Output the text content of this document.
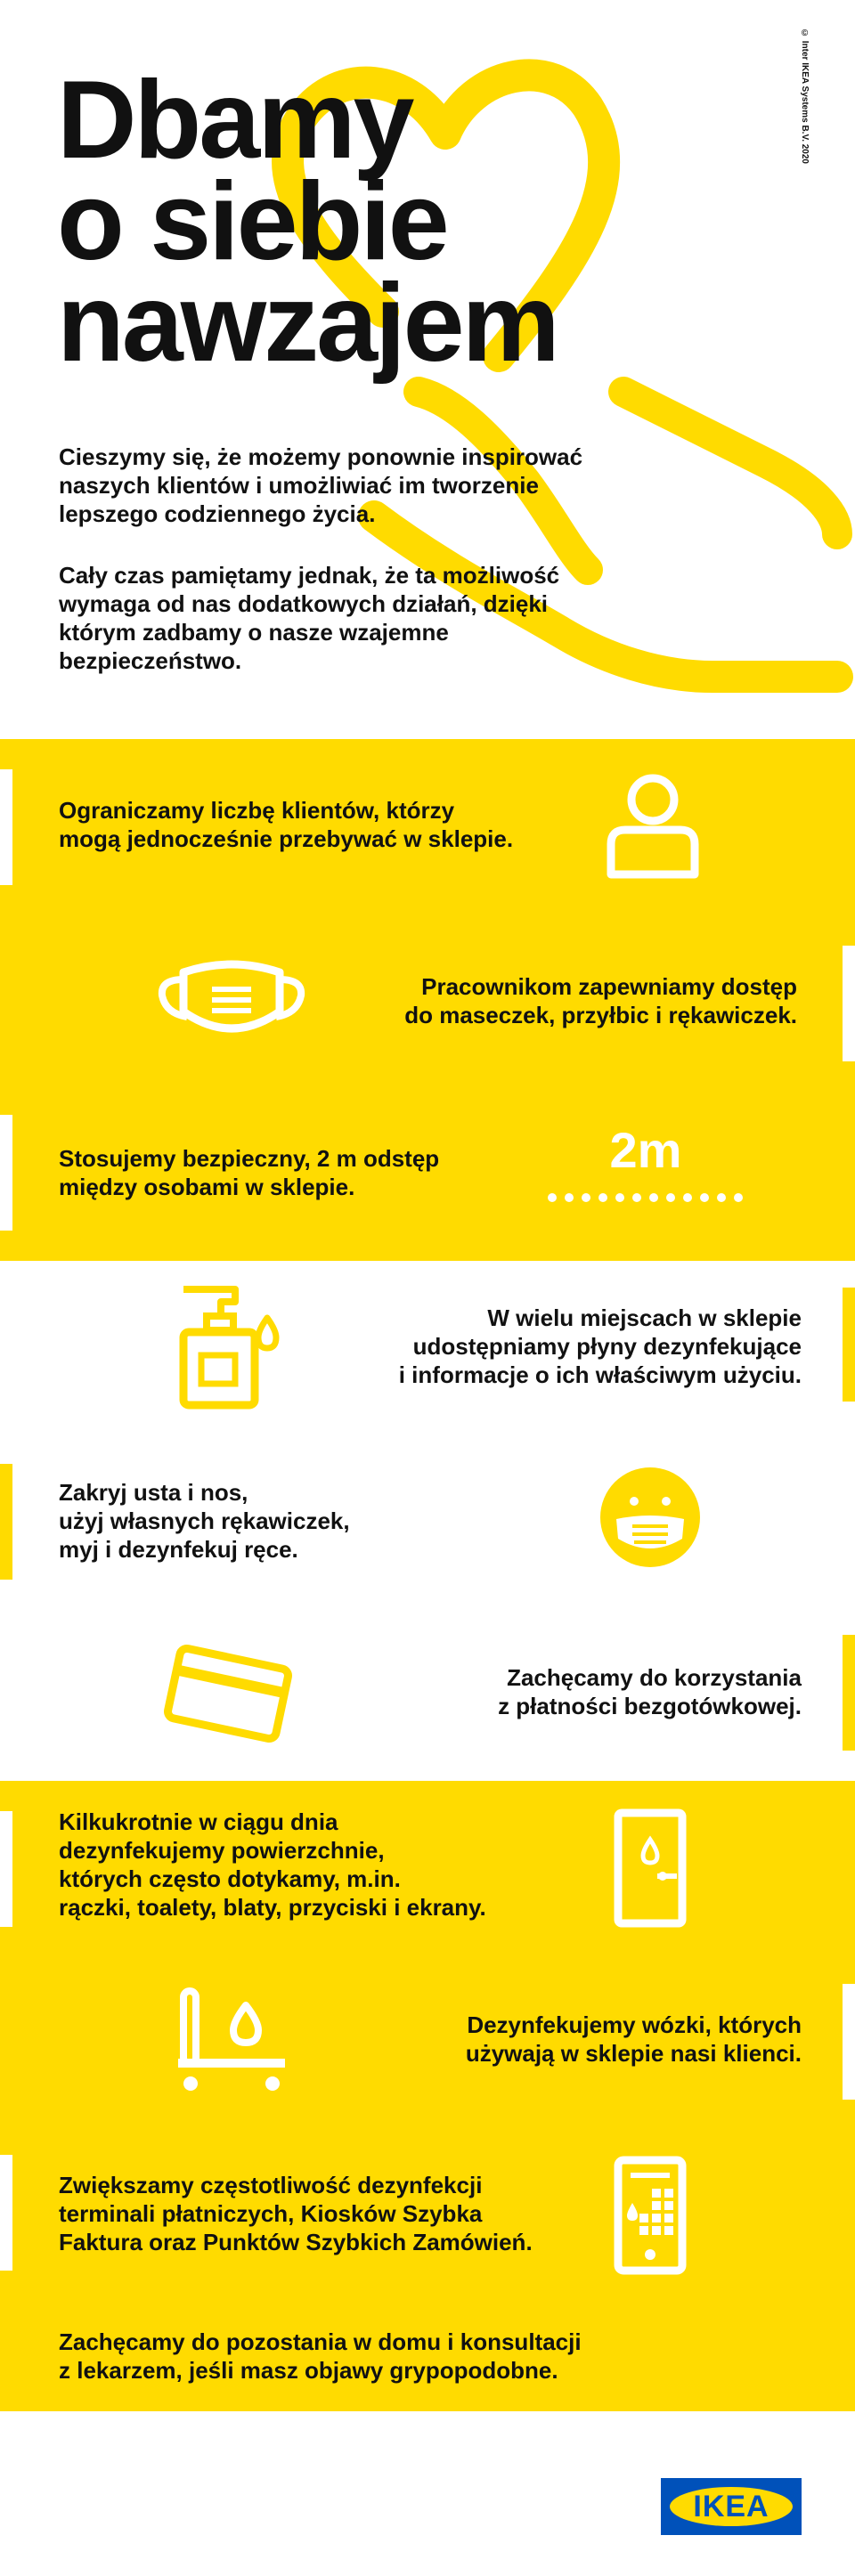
Dbamy
o siebie
nawzajem
© Inter IKEA Systems B.V. 2020

Cieszymy się, że możemy ponownie inspirować
naszych klientów i umożliwiać im tworzenie
lepszego codziennego życia.

Cały czas pamiętamy jednak, że ta możliwość
wymaga od nas dodatkowych działań, dzięki
którym zadbamy o nasze wzajemne
bezpieczeństwo.

Ograniczamy liczbę klientów, którzy
mogą jednocześnie przebywać w sklepie.

Pracownikom zapewniamy dostęp
do maseczek, przyłbic i rękawiczek.

Stosujemy bezpieczny, 2 m odstęp
między osobami w sklepie.

2m

W wielu miejscach w sklepie
udostępniamy płyny dezynfekujące
i informacje o ich właściwym użyciu.

Zakryj usta i nos,
użyj własnych rękawiczek,
myj i dezynfekuj ręce.

Zachęcamy do korzystania
z płatności bezgotówkowej.

Kilkukrotnie w ciągu dnia
dezynfekujemy powierzchnie,
których często dotykamy, m.in.
rączki, toalety, blaty, przyciski i ekrany.

Dezynfekujemy wózki, których
używają w sklepie nasi klienci.

Zwiększamy częstotliwość dezynfekcji
terminali płatniczych, Kiosków Szybka
Faktura oraz Punktów Szybkich Zamówień.

Zachęcamy do pozostania w domu i konsultacji
z lekarzem, jeśli masz objawy grypopodobne.

IKEA
